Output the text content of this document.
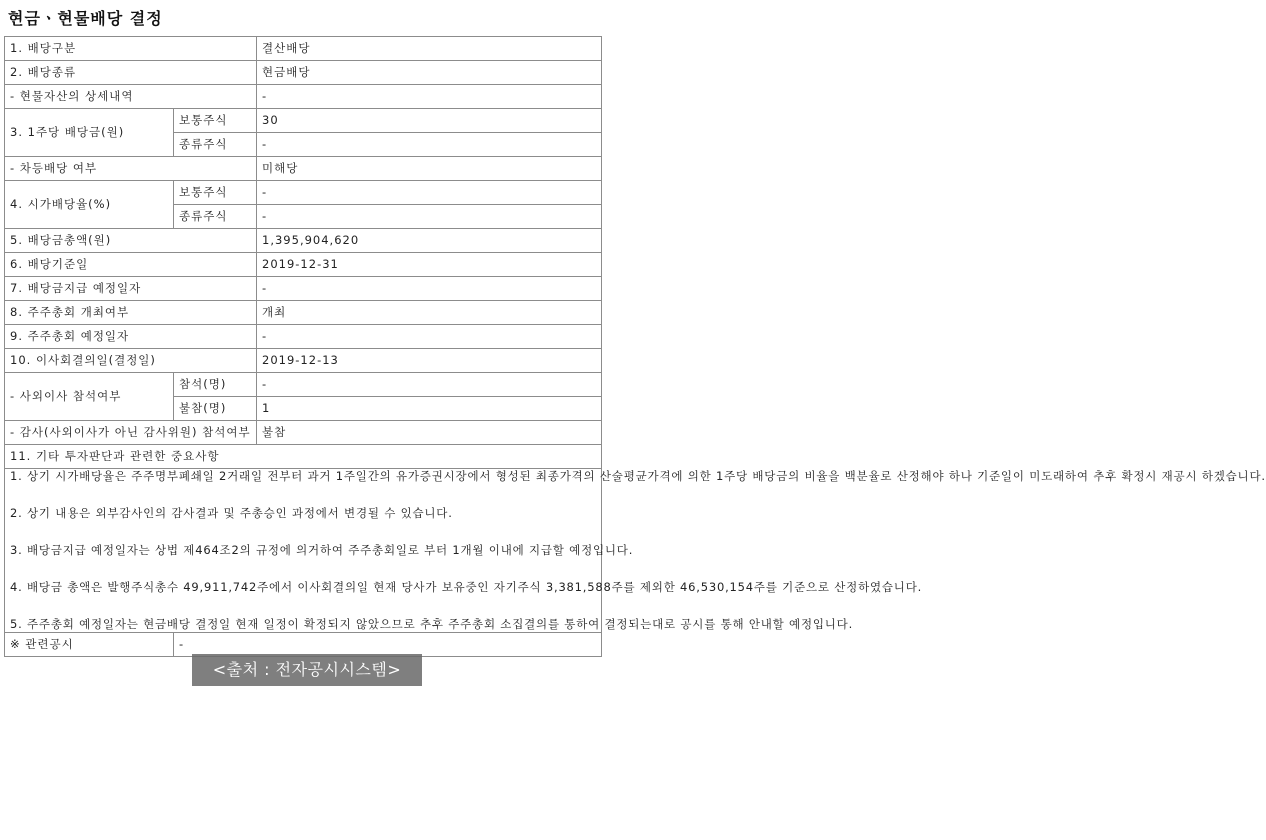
현금ㆍ현물배당 결정
1. 배당구분		결산배당
2. 배당종류		현금배당
- 현물자산의 상세내역		-
3. 1주당 배당금(원)	보통주식	30
	종류주식	-
- 차등배당 여부		미해당
4. 시가배당율(%)	보통주식	-
	종류주식	-
5. 배당금총액(원)		1,395,904,620
6. 배당기준일		2019-12-31
7. 배당금지급 예정일자		-
8. 주주총회 개최여부		개최
9. 주주총회 예정일자		-
10. 이사회결의일(결정일)		2019-12-13
- 사외이사 참석여부	참석(명)	-
	불참(명)	1
- 감사(사외이사가 아닌 감사위원) 참석여부		불참
11. 기타 투자판단과 관련한 중요사항		

1. 상기 시가배당율은 주주명부폐쇄일 2거래일 전부터 과거 1주일간의 유가증권시장에서 형성된 최종가격의 산술평균가격에 의한 1주당 배당금의 비율을 백분율로 산정해야 하나 기준일이 미도래하여 추후 확정시 재공시 하겠습니다.

2. 상기 내용은 외부감사인의 감사결과 및 주총승인 과정에서 변경될 수 있습니다.

3. 배당금지급 예정일자는 상법 제464조2의 규정에 의거하여 주주총회일로 부터 1개월 이내에 지급할 예정입니다.

4. 배당금 총액은 발행주식총수 49,911,742주에서 이사회결의일 현재 당사가 보유중인 자기주식 3,381,588주를 제외한 46,530,154주를 기준으로 산정하였습니다.

5. 주주총회 예정일자는 현금배당 결정일 현재 일정이 확정되지 않았으므로 추후 주주총회 소집결의를 통하여 결정되는대로 공시를 통해 안내할 예정입니다.		

※ 관련공시	-	
<출처 : 전자공시시스템>
